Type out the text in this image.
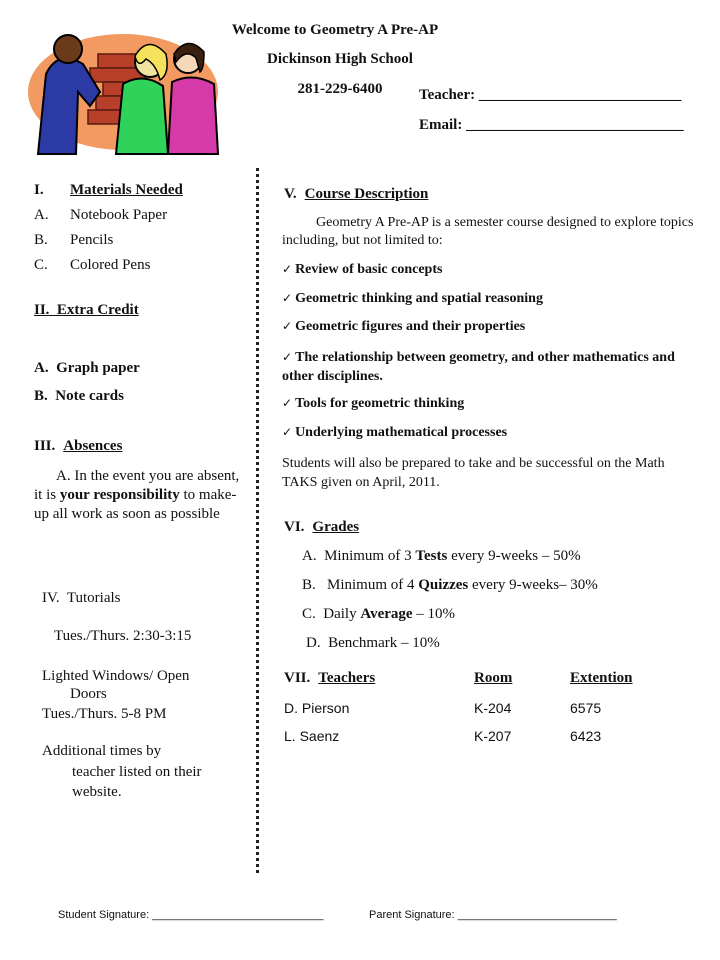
Welcome to Geometry A Pre-AP
Dickinson High School
281-229-6400	Teacher: ___________________________
Email: _____________________________
I. Materials Needed
A. Notebook Paper
B. Pencils
C. Colored Pens
II.  Extra Credit
A.  Graph paper
B.  Note cards
III. Absences
A. In the event you are absent, it is your responsibility to make-up all work as soon as possible
IV.  Tutorials
Tues./Thurs. 2:30-3:15
Lighted Windows/ Open
Doors
Tues./Thurs. 5-8 PM
Additional times by
teacher listed on their
website.
V. Course Description
Geometry A Pre-AP is a semester course designed to explore topics including, but not limited to:
✓ Review of basic concepts
✓ Geometric thinking and spatial reasoning
✓ Geometric figures and their properties
✓ The relationship between geometry, and other mathematics and other disciplines.
✓ Tools for geometric thinking
✓ Underlying mathematical processes
Students will also be prepared to take and be successful on the Math TAKS given on April, 2011.
VI. Grades
A.  Minimum of 3 Tests every 9-weeks – 50%
B.   Minimum of 4 Quizzes every 9-weeks– 30%
C.  Daily Average – 10%
D.  Benchmark – 10%
VII. Teachers	Room	Extention
D. Pierson	K-204	6575
L. Saenz	K-207	6423
Student Signature: ____________________________	Parent Signature: __________________________
